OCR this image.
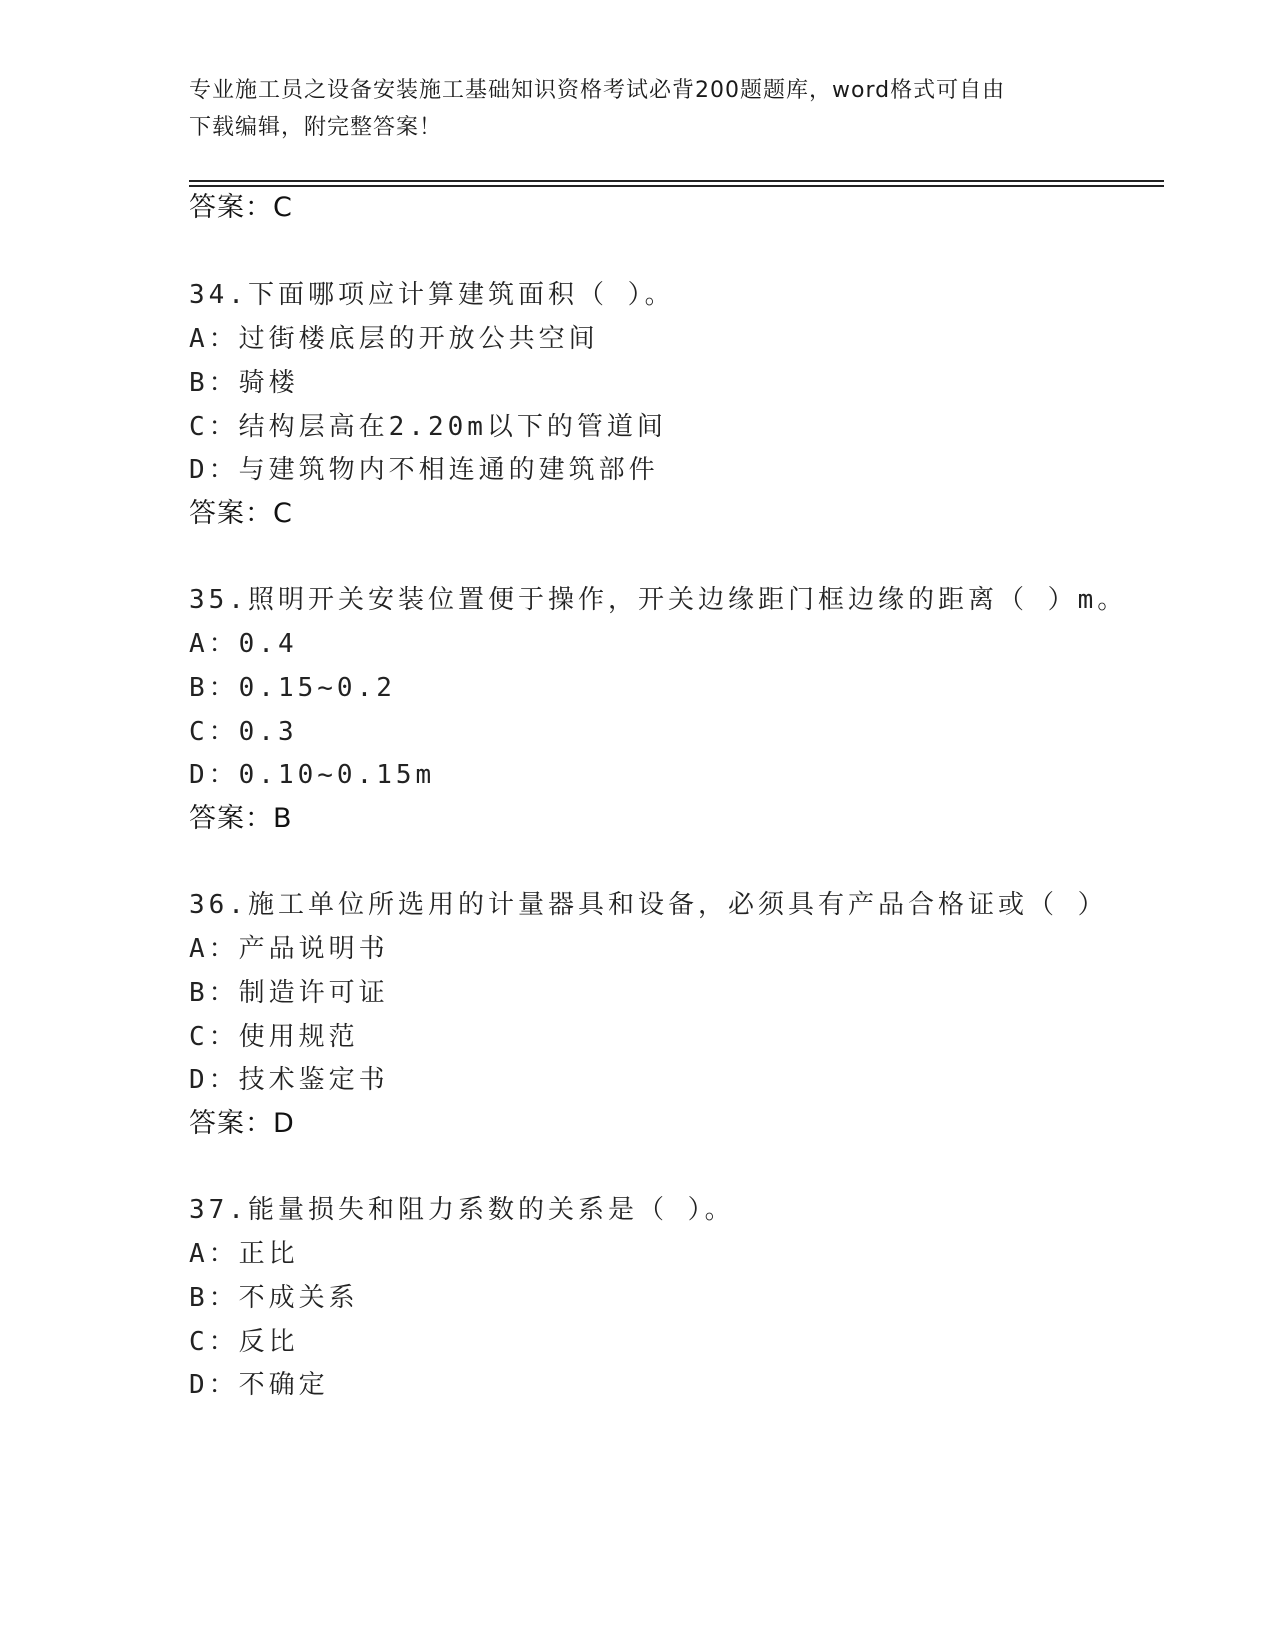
专业施工员之设备安装施工基础知识资格考试必背200题题库，word格式可自由
下载编辑，附完整答案！
答案：C
34.下面哪项应计算建筑面积（ ）。
A：过街楼底层的开放公共空间
B：骑楼
C：结构层高在2.20m以下的管道间
D：与建筑物内不相连通的建筑部件
答案：C
35.照明开关安装位置便于操作，开关边缘距门框边缘的距离（ ）m。
A：0.4
B：0.15~0.2
C：0.3
D：0.10~0.15m
答案：B
36.施工单位所选用的计量器具和设备，必须具有产品合格证或（ ）
A：产品说明书
B：制造许可证
C：使用规范
D：技术鉴定书
答案：D
37.能量损失和阻力系数的关系是（ ）。
A：正比
B：不成关系
C：反比
D：不确定
